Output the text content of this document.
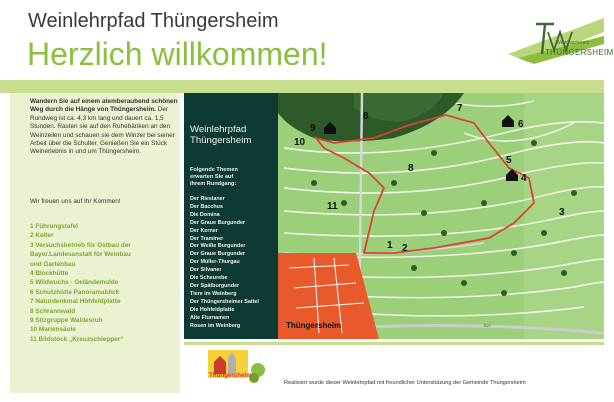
Weinlehrpfad Thüngersheim
Herzlich willkommen!	Weinbauverein
THÜNGERSHEIM
Wandern Sie auf einem atemberaubend schönen Weg durch die Hänge von Thüngersheim. Der Rundweg ist ca. 4,3 km lang und dauert ca. 1,5 Stunden. Rasten sie auf den Ruhebänken an den Weinzeilen und schauen sie dem Winzer bei seiner Arbeit über die Schulter. Genießen Sie ein Stück Weinerlebnis in und um Thüngersheim.
Wir freuen uns auf Ihr Kommen!
1 Führungstafel
2 Kelter
3 Versuchsbetrieb für Ostbau der
Bayer.Landesanstalt für Weinbau
und Gartenbau
4 Blockhütte
5 Wildwuchs - Geländemulde
6 Schutzhütte Panoramablick
7 Naturdenkmal Höhfeldplatte
8 Schrannwald
9 Sitzgruppe Waldesruh
10 Mariensäule
11 Bildstock „Kreuzschlepper“
1 2
3
4
5
6
7
8
8
9
10
11
Thüngersheim	B27
Weinlehrpfad
Thüngersheim
Folgende Themen
erwarten Sie auf
ihrem Rundgang:
Der Rieslaner
Der Bacchus
Die Domina
Der Graue Burgunder
Der Kerner
Der Traminer
Der Weiße Burgunder
Der Graue Burgunder
Der Müller-Thurgau
Der Silvaner
Die Scheurebe
Der Spätburgunder
Tiere im Weinberg
Der Thüngersheimer Sattel
Die Hohfeldplatte
Alte Flurnamen
Rosen im Weinberg
Thüngersheim
Realisiert wurde dieser Weinlehrpfad mit freundlicher Unterstützung der Gemeinde Thüngersheim
